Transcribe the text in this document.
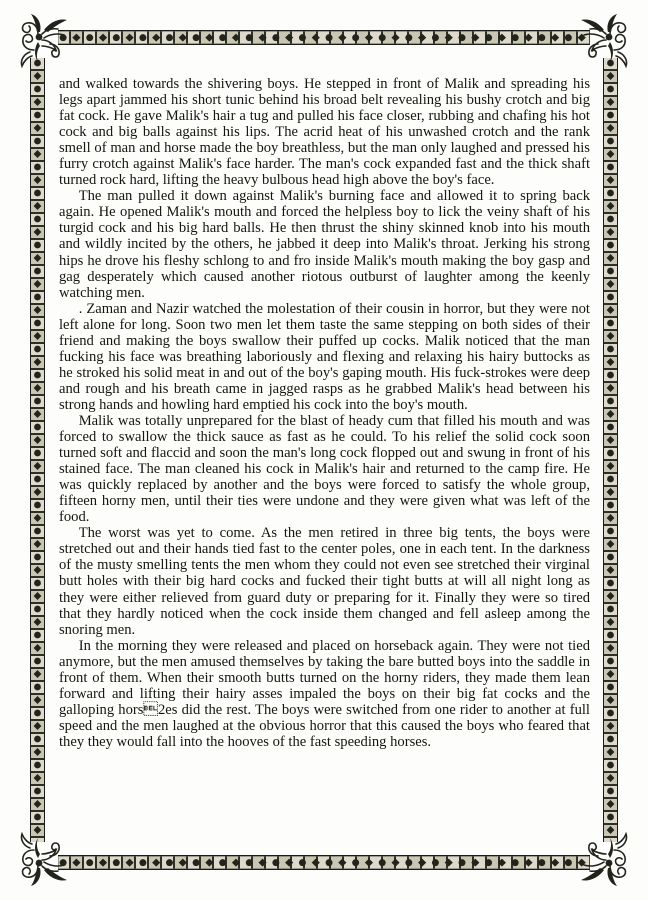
and walked towards the shivering boys. He stepped in front of Malik and spreading his legs apart jammed his short tunic behind his broad belt revealing his bushy crotch and big fat cock. He gave Malik's hair a tug and pulled his face closer, rubbing and chafing his hot cock and big balls against his lips. The acrid heat of his unwashed crotch and the rank smell of man and horse made the boy breathless, but the man only laughed and pressed his furry crotch against Malik's face harder. The man's cock expanded fast and the thick shaft turned rock hard, lifting the heavy bulbous head high above the boy's face.

The man pulled it down against Malik's burning face and allowed it to spring back again. He opened Malik's mouth and forced the helpless boy to lick the veiny shaft of his turgid cock and his big hard balls. He then thrust the shiny skinned knob into his mouth and wildly incited by the others, he jabbed it deep into Malik's throat. Jerking his strong hips he drove his fleshy schlong to and fro inside Malik's mouth making the boy gasp and gag desperately which caused another riotous outburst of laughter among the keenly watching men.

. Zaman and Nazir watched the molestation of their cousin in horror, but they were not left alone for long. Soon two men let them taste the same stepping on both sides of their friend and making the boys swallow their puffed up cocks. Malik noticed that the man fucking his face was breathing laboriously and flexing and relaxing his hairy buttocks as he stroked his solid meat in and out of the boy's gaping mouth. His fuck-strokes were deep and rough and his breath came in jagged rasps as he grabbed Malik's head between his strong hands and howling hard emptied his cock into the boy's mouth.

Malik was totally unprepared for the blast of heady cum that filled his mouth and was forced to swallow the thick sauce as fast as he could. To his relief the solid cock soon turned soft and flaccid and soon the man's long cock flopped out and swung in front of his stained face. The man cleaned his cock in Malik's hair and returned to the camp fire. He was quickly replaced by another and the boys were forced to satisfy the whole group, fifteen horny men, until their ties were undone and they were given what was left of the food.

The worst was yet to come. As the men retired in three big tents, the boys were stretched out and their hands tied fast to the center poles, one in each tent. In the darkness of the musty smelling tents the men whom they could not even see stretched their virginal butt holes with their big hard cocks and fucked their tight butts at will all night long as they were either relieved from guard duty or preparing for it. Finally they were so tired that they hardly noticed when the cock inside them changed and fell asleep among the snoring men.

In the morning they were released and placed on horseback again. They were not tied anymore, but the men amused themselves by taking the bare butted boys into the saddle in front of them. When their smooth butts turned on the horny riders, they made them lean forward and lifting their hairy asses impaled the boys on their big fat cocks and the galloping hors2es did the rest. The boys were switched from one rider to another at full speed and the men laughed at the obvious horror that this caused the boys who feared that they they would fall into the hooves of the fast speeding horses.
